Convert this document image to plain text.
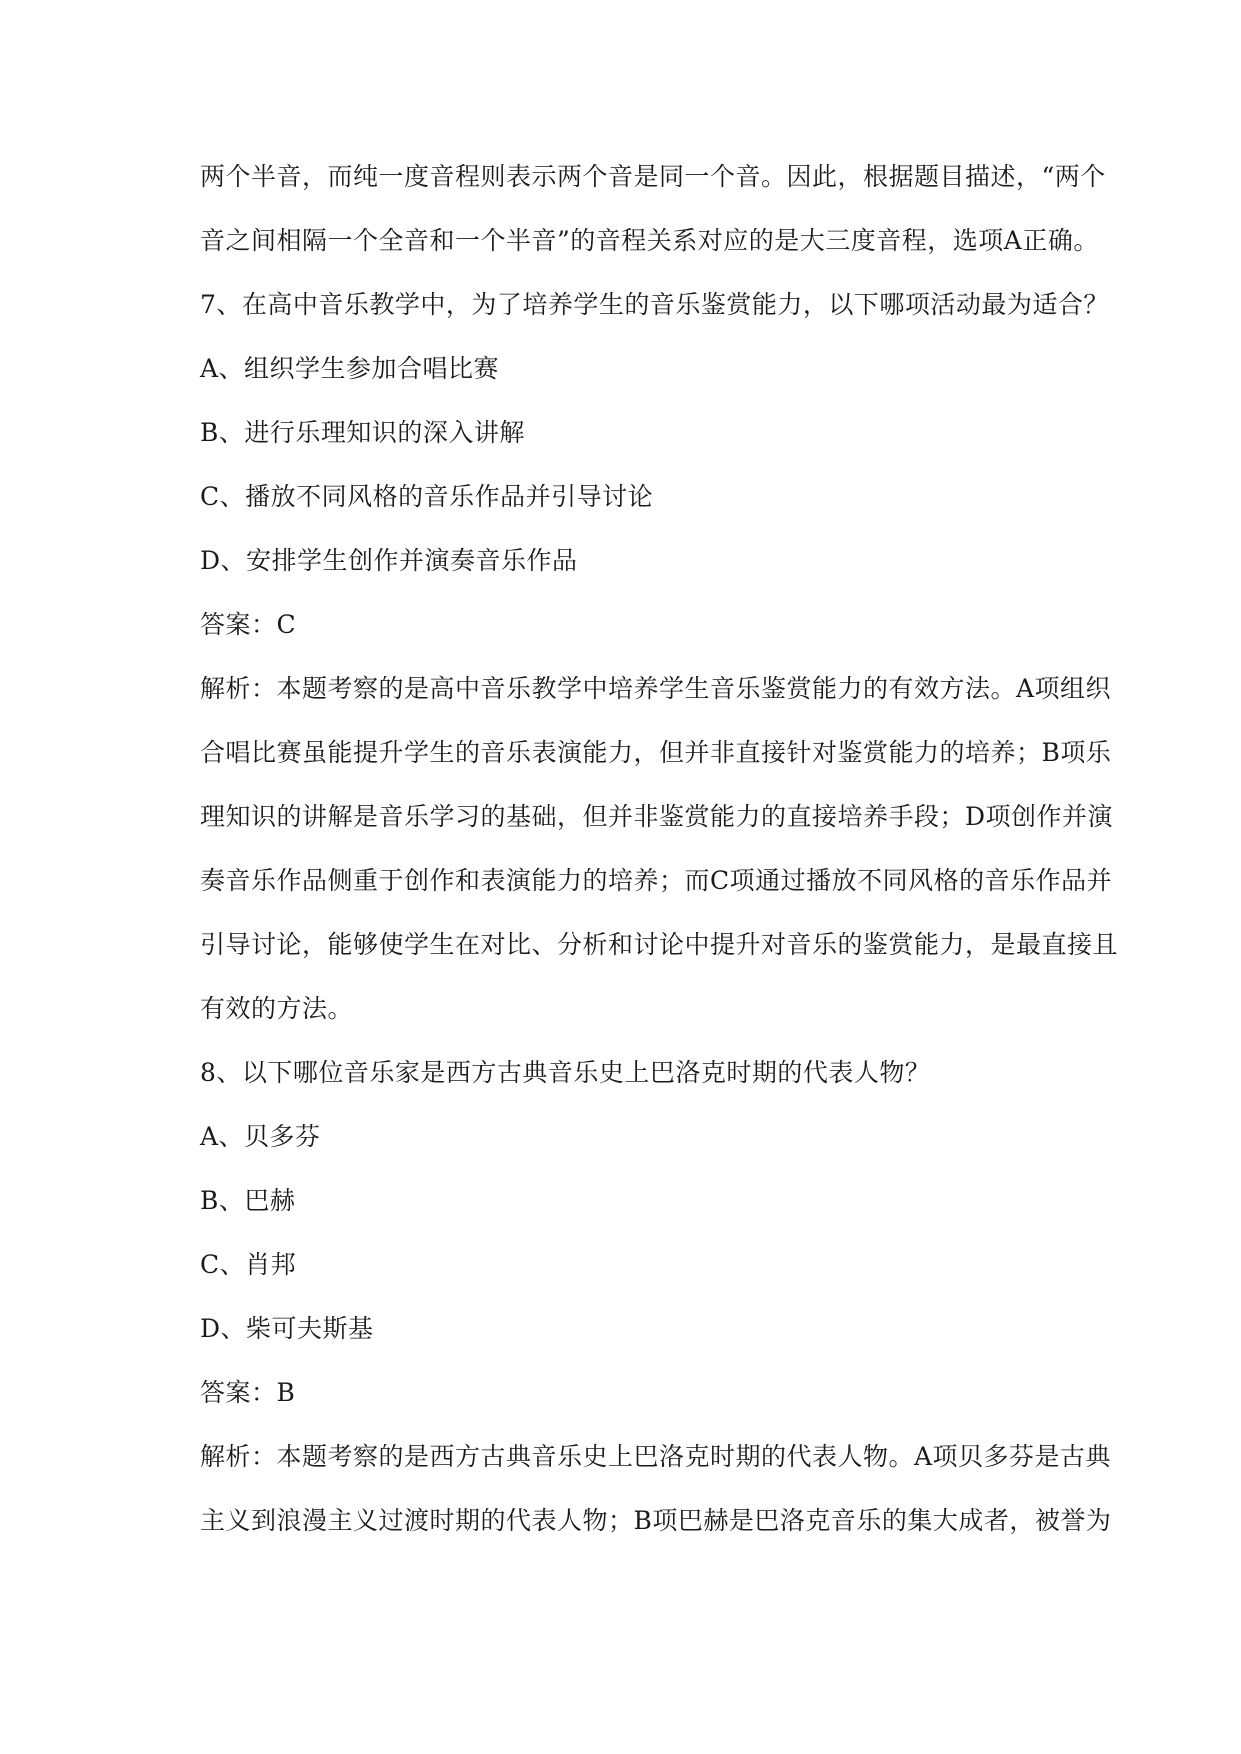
两个半音，而纯一度音程则表示两个音是同一个音。因此，根据题目描述，“两个
音之间相隔一个全音和一个半音”的音程关系对应的是大三度音程，选项A正确。
7、在高中音乐教学中，为了培养学生的音乐鉴赏能力，以下哪项活动最为适合？
A、组织学生参加合唱比赛
B、进行乐理知识的深入讲解
C、播放不同风格的音乐作品并引导讨论
D、安排学生创作并演奏音乐作品
答案：C
解析：本题考察的是高中音乐教学中培养学生音乐鉴赏能力的有效方法。A项组织
合唱比赛虽能提升学生的音乐表演能力，但并非直接针对鉴赏能力的培养；B项乐
理知识的讲解是音乐学习的基础，但并非鉴赏能力的直接培养手段；D项创作并演
奏音乐作品侧重于创作和表演能力的培养；而C项通过播放不同风格的音乐作品并
引导讨论，能够使学生在对比、分析和讨论中提升对音乐的鉴赏能力，是最直接且
有效的方法。
8、以下哪位音乐家是西方古典音乐史上巴洛克时期的代表人物？
A、贝多芬
B、巴赫
C、肖邦
D、柴可夫斯基
答案：B
解析：本题考察的是西方古典音乐史上巴洛克时期的代表人物。A项贝多芬是古典
主义到浪漫主义过渡时期的代表人物；B项巴赫是巴洛克音乐的集大成者，被誉为
